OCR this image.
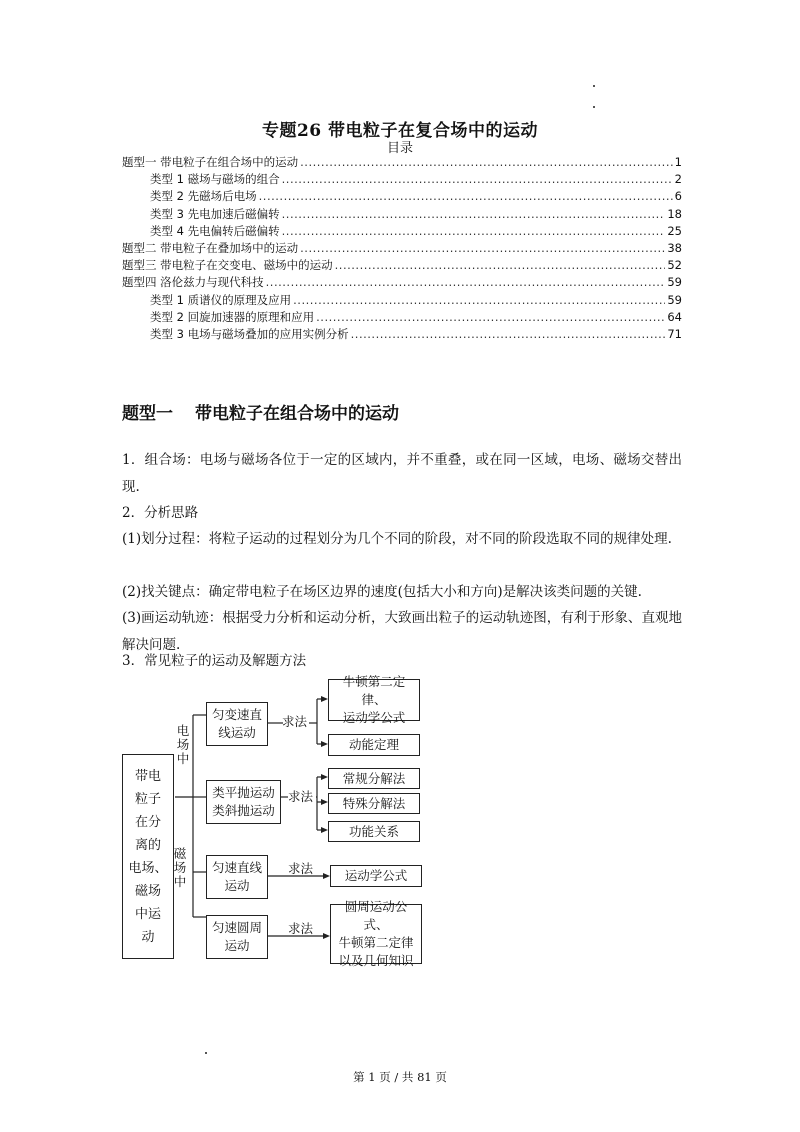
专题26 带电粒子在复合场中的运动
目录
题型一 带电粒子在组合场中的运动 .....	1
类型 1 磁场与磁场的组合 .....	2
类型 2 先磁场后电场 .....	6
类型 3 先电加速后磁偏转 .....	18
类型 4 先电偏转后磁偏转 .....	25
题型二 带电粒子在叠加场中的运动 .....	38
题型三 带电粒子在交变电、磁场中的运动 .....	52
题型四 洛伦兹力与现代科技 .....	59
类型 1 质谱仪的原理及应用 .....	59
类型 2 回旋加速器的原理和应用 .....	64
类型 3 电场与磁场叠加的应用实例分析 .....	71
题型一 带电粒子在组合场中的运动

1．组合场：电场与磁场各位于一定的区域内，并不重叠，或在同一区域，电场、磁场交替出现.

2．分析思路

(1)划分过程：将粒子运动的过程划分为几个不同的阶段，对不同的阶段选取不同的规律处理.

(2)找关键点：确定带电粒子在场区边界的速度(包括大小和方向)是解决该类问题的关键.

(3)画运动轨迹：根据受力分析和运动分析，大致画出粒子的运动轨迹图，有利于形象、直观地解决问题.

3．常见粒子的运动及解题方法

带电
粒子
在分
离的
电场、
磁场
中运
动
电场中
磁场中
匀变速直
线运动
类平抛运动
类斜抛运动
匀速直线
运动
匀速圆周
运动
求法
求法
求法
求法
牛顿第二定律、
运动学公式
动能定理
常规分解法
特殊分解法
功能关系
运动学公式
圆周运动公式、
牛顿第二定律
以及几何知识
第 1 页 / 共 81 页
